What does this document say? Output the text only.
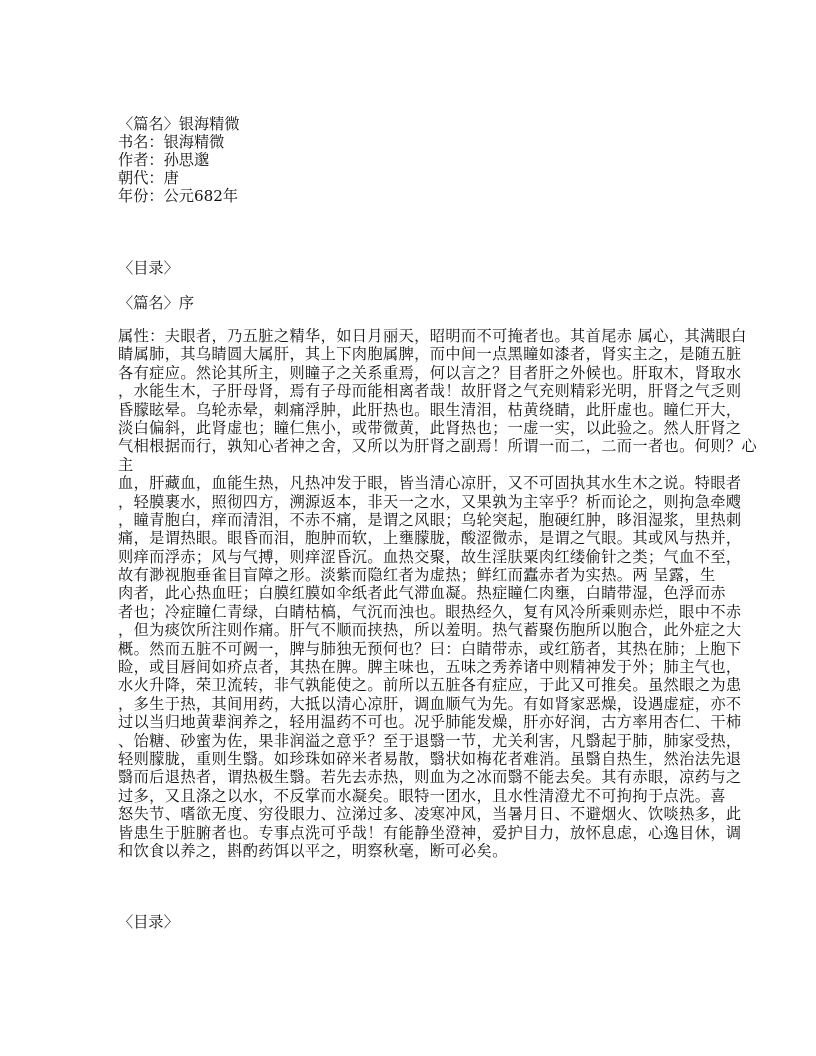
〈篇名〉银海精微
书名：银海精微
作者：孙思邈
朝代：唐
年份：公元682年
〈目录〉
〈篇名〉序
属性：夫眼者，乃五脏之精华，如日月丽天，昭明而不可掩者也。其首尾赤 属心，其满眼白
睛属肺，其乌睛圆大属肝，其上下肉胞属脾，而中间一点黑瞳如漆者，肾实主之，是随五脏
各有症应。然论其所主，则瞳子之关系重焉，何以言之？目者肝之外候也。肝取木，肾取水
，水能生木，子肝母肾，焉有子母而能相离者哉！故肝肾之气充则精彩光明，肝肾之气乏则
昏朦眩晕。乌轮赤晕，刺痛浮肿，此肝热也。眼生清泪，枯黄绕睛，此肝虚也。瞳仁开大，
淡白偏斜，此肾虚也；瞳仁焦小，或带微黄，此肾热也；一虚一实，以此验之。然人肝肾之
气相根据而行，孰知心者神之舍，又所以为肝肾之副焉！所谓一而二，二而一者也。何则？心
主
血，肝藏血，血能生热，凡热冲发于眼，皆当清心凉肝，又不可固执其水生木之说。特眼者
，轻膜裹水，照彻四方，溯源返本，非天一之水，又果孰为主宰乎？析而论之，则拘急牵飕
，瞳青胞白，痒而清泪，不赤不痛，是谓之风眼；乌轮突起，胞硬红肿，眵泪湿浆，里热刺
痛，是谓热眼。眼昏而泪，胞肿而软，上壅朦胧，酸涩微赤，是谓之气眼。其或风与热并，
则痒而浮赤；风与气搏，则痒涩昏沉。血热交聚，故生淫肤粟肉红缕偷针之类；气血不至，
故有渺视胞垂雀目盲障之形。淡紫而隐红者为虚热；鲜红而蠹赤者为实热。两 呈露，生
肉者，此心热血旺；白膜红膜如伞纸者此气滞血凝。热症瞳仁肉壅，白睛带湿，色浮而赤
者也；冷症瞳仁青绿，白睛枯槁，气沉而浊也。眼热经久，复有风冷所乘则赤烂，眼中不赤
，但为痰饮所注则作痛。肝气不顺而挟热，所以羞明。热气蓄聚伤胞所以胞合，此外症之大
概。然而五脏不可阙一，脾与肺独无预何也？曰：白睛带赤，或红筋者，其热在肺；上胞下
睑，或目唇间如疥点者，其热在脾。脾主味也，五味之秀养诸中则精神发于外；肺主气也，
水火升降，荣卫流转，非气孰能使之。前所以五脏各有症应，于此又可推矣。虽然眼之为患
，多生于热，其间用药，大抵以清心凉肝，调血顺气为先。有如肾家恶燥，设遇虚症，亦不
过以当归地黄辈润养之，轻用温药不可也。况乎肺能发燥，肝亦好润，古方率用杏仁、干柿
、饴糖、砂蜜为佐，果非润溢之意乎？至于退翳一节，尤关利害，凡翳起于肺，肺家受热，
轻则朦胧，重则生翳。如珍珠如碎米者易散，翳状如梅花者难消。虽翳自热生，然治法先退
翳而后退热者，谓热极生翳。若先去赤热，则血为之冰而翳不能去矣。其有赤眼，凉药与之
过多，又且涤之以水，不反掌而水凝矣。眼特一团水，且水性清澄尤不可拘拘于点洗。喜
怒失节、嗜欲无度、穷役眼力、泣涕过多、凌寒冲风，当暑月日、不避烟火、饮啖热多，此
皆患生于脏腑者也。专事点洗可乎哉！有能静坐澄神，爱护目力，放怀息虑，心逸目休，调
和饮食以养之，斟酌药饵以平之，明察秋毫，断可必矣。
〈目录〉
